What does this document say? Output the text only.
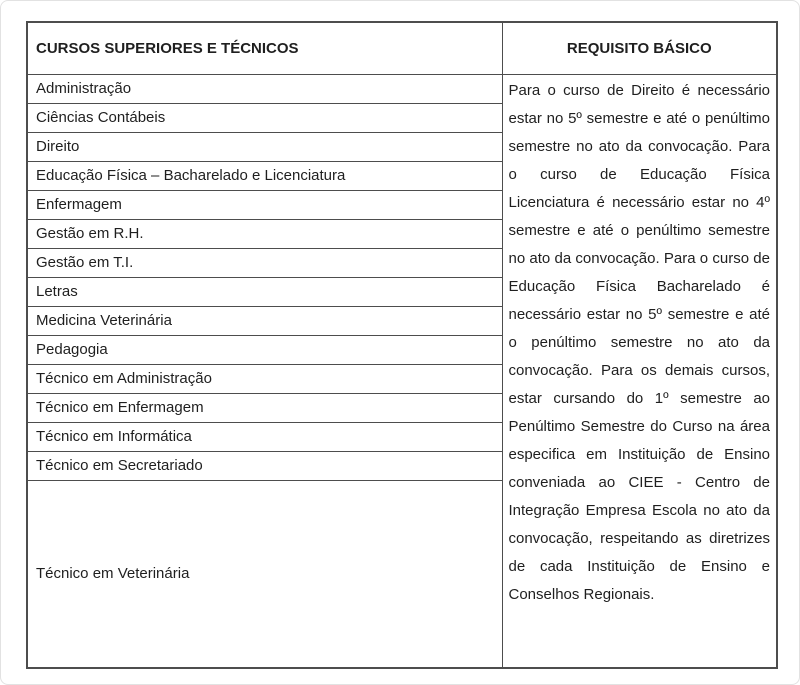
CURSOS SUPERIORES E TÉCNICOS	REQUISITO BÁSICO
Administração	Para o curso de Direito é necessário estar no 5º semestre e até o penúltimo semestre no ato da convocação. Para o curso de Educação Física Licenciatura é necessário estar no 4º semestre e até o penúltimo semestre no ato da convocação. Para o curso de Educação Física Bacharelado é necessário estar no 5º semestre e até o penúltimo semestre no ato da convocação. Para os demais cursos, estar cursando do 1º semestre ao Penúltimo Semestre do Curso na área especifica em Instituição de Ensino conveniada ao CIEE - Centro de Integração Empresa Escola no ato da convocação, respeitando as diretrizes de cada Instituição de Ensino e Conselhos Regionais.
Ciências Contábeis	
Direito	
Educação Física – Bacharelado e Licenciatura	
Enfermagem	
Gestão em R.H.	
Gestão em T.I.	
Letras	
Medicina Veterinária	
Pedagogia	
Técnico em Administração	
Técnico em Enfermagem	
Técnico em Informática	
Técnico em Secretariado	
Técnico em Veterinária	
